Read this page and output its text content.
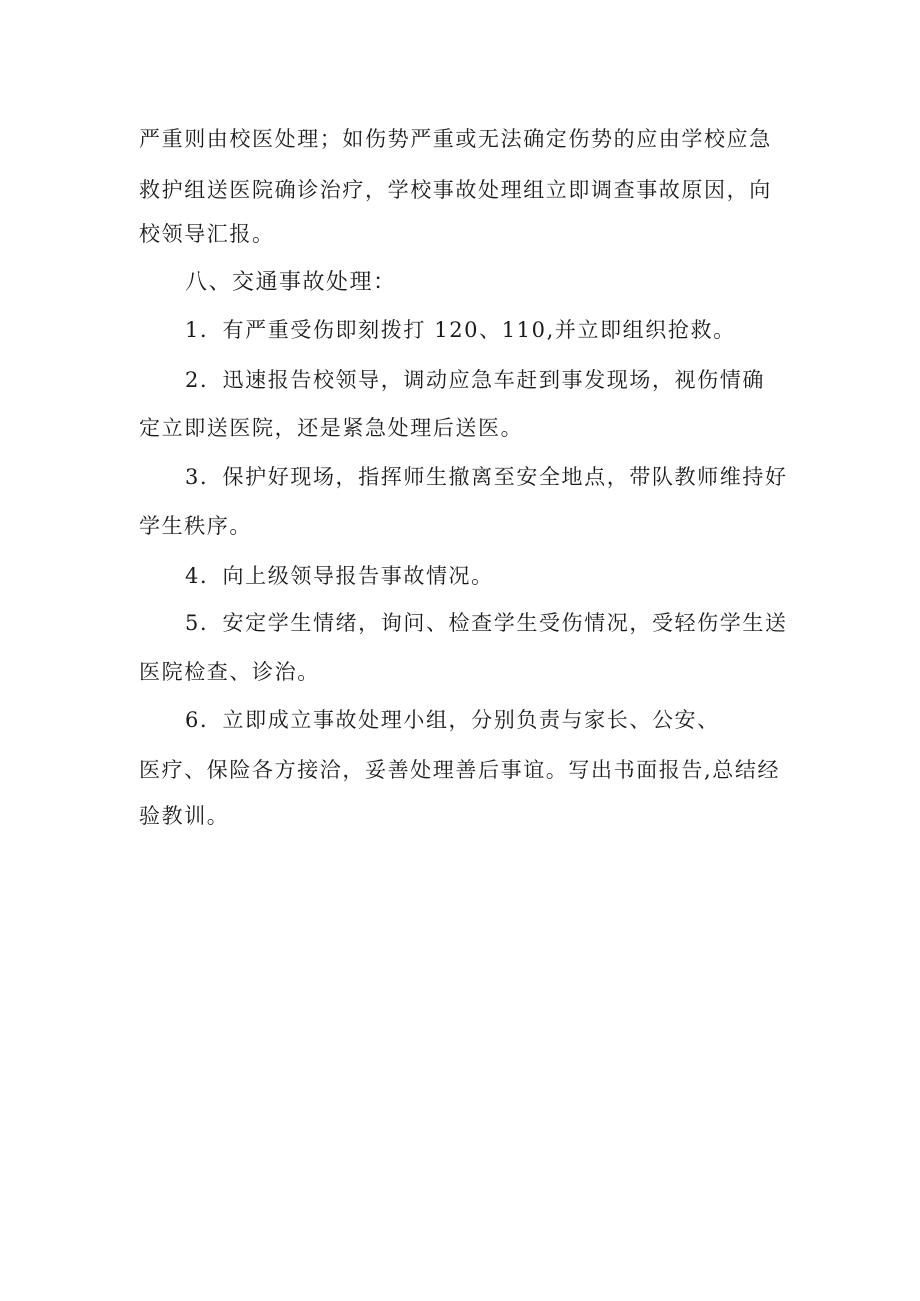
严重则由校医处理；如伤势严重或无法确定伤势的应由学校应急
救护组送医院确诊治疗，学校事故处理组立即调查事故原因，向
校领导汇报。
八、交通事故处理：
1．有严重受伤即刻拨打 120、110,并立即组织抢救。
2．迅速报告校领导，调动应急车赶到事发现场，视伤情确
定立即送医院，还是紧急处理后送医。
3．保护好现场，指挥师生撤离至安全地点，带队教师维持好
学生秩序。
4．向上级领导报告事故情况。
5．安定学生情绪，询问、检查学生受伤情况，受轻伤学生送
医院检查、诊治。
6．立即成立事故处理小组，分别负责与家长、公安、
医疗、保险各方接洽，妥善处理善后事谊。写出书面报告,总结经
验教训。
